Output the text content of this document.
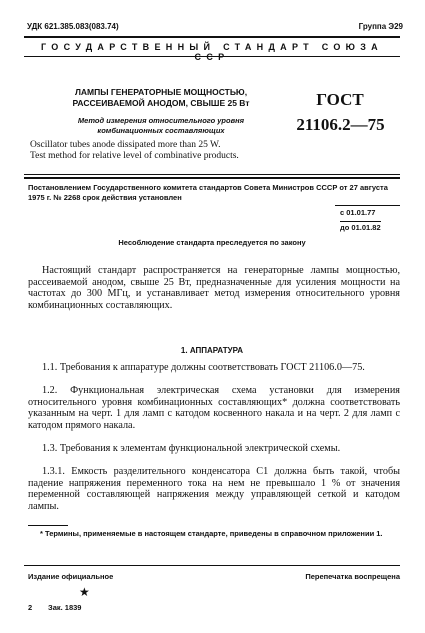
УДК 621.385.083(083.74)	Группа Э29
ГОСУДАРСТВЕННЫЙ СТАНДАРТ СОЮЗА ССР
ЛАМПЫ ГЕНЕРАТОРНЫЕ МОЩНОСТЬЮ,
РАССЕИВАЕМОЙ АНОДОМ, СВЫШЕ 25 Вт
Метод измерения относительного уровня
комбинационных составляющих
Oscillator tubes anode dissipated more than 25 W.
Test method for relative level of combinative products.
ГОСТ
21106.2—75
Постановлением Государственного комитета стандартов Совета Министров СССР от 27 августа 1975 г. № 2268 срок действия установлен
с 01.01.77
до 01.01.82
Несоблюдение стандарта преследуется по закону
Настоящий стандарт распространяется на генераторные лампы мощностью, рассеиваемой анодом, свыше 25 Вт, предназначенные для усиления мощности на частотах до 300 МГц, и устанавливает метод измерения относительного уровня комбинационных составляющих.
1. АППАРАТУРА
1.1. Требования к аппаратуре должны соответствовать ГОСТ 21106.0—75.
1.2. Функциональная электрическая схема установки для измерения относительного уровня комбинационных составляющих* должна соответствовать указанным на черт. 1 для ламп с катодом косвенного накала и на черт. 2 для ламп с катодом прямого накала.
1.3. Требования к элементам функциональной электрической схемы.
1.3.1. Емкость разделительного конденсатора C1 должна быть такой, чтобы падение напряжения переменного тока на нем не превышало 1 % от значения переменной составляющей напряжения между управляющей сеткой и катодом лампы.
* Термины, применяемые в настоящем стандарте, приведены в справочном приложении 1.
Издание официальное	Перепечатка воспрещена
★
2 Зак. 1839
